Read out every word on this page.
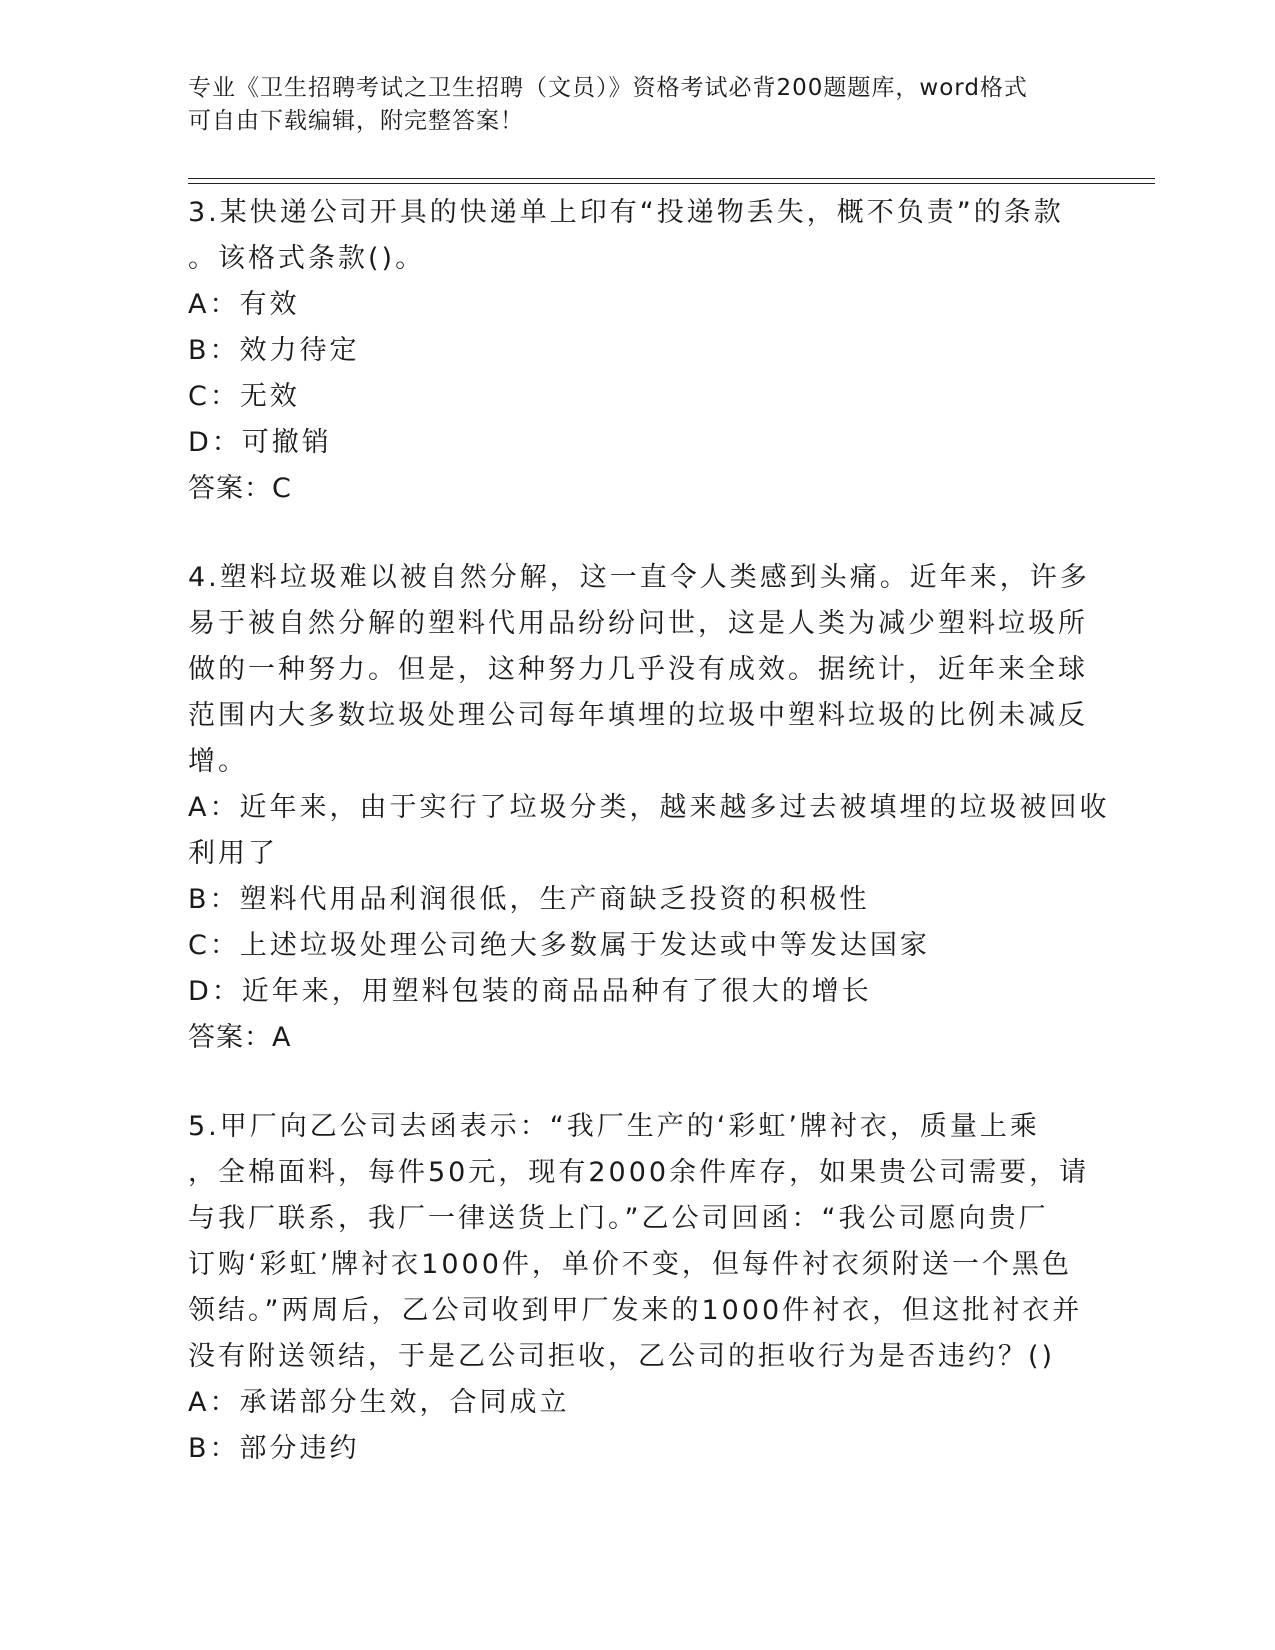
专业《卫生招聘考试之卫生招聘（文员）》资格考试必背200题题库，word格式
可自由下载编辑，附完整答案！
3.某快递公司开具的快递单上印有“投递物丢失，概不负责”的条款
。该格式条款()。
A：有效
B：效力待定
C：无效
D：可撤销
答案：C
4.塑料垃圾难以被自然分解，这一直令人类感到头痛。近年来，许多
易于被自然分解的塑料代用品纷纷问世，这是人类为减少塑料垃圾所
做的一种努力。但是，这种努力几乎没有成效。据统计，近年来全球
范围内大多数垃圾处理公司每年填埋的垃圾中塑料垃圾的比例未减反
增。
A：近年来，由于实行了垃圾分类，越来越多过去被填埋的垃圾被回收
利用了
B：塑料代用品利润很低，生产商缺乏投资的积极性
C：上述垃圾处理公司绝大多数属于发达或中等发达国家
D：近年来，用塑料包装的商品品种有了很大的增长
答案：A
5.甲厂向乙公司去函表示：“我厂生产的‘彩虹’牌衬衣，质量上乘
，全棉面料，每件50元，现有2000余件库存，如果贵公司需要，请
与我厂联系，我厂一律送货上门。”乙公司回函：“我公司愿向贵厂
订购‘彩虹’牌衬衣1000件，单价不变，但每件衬衣须附送一个黑色
领结。”两周后，乙公司收到甲厂发来的1000件衬衣，但这批衬衣并
没有附送领结，于是乙公司拒收，乙公司的拒收行为是否违约？()
A：承诺部分生效，合同成立
B：部分违约
